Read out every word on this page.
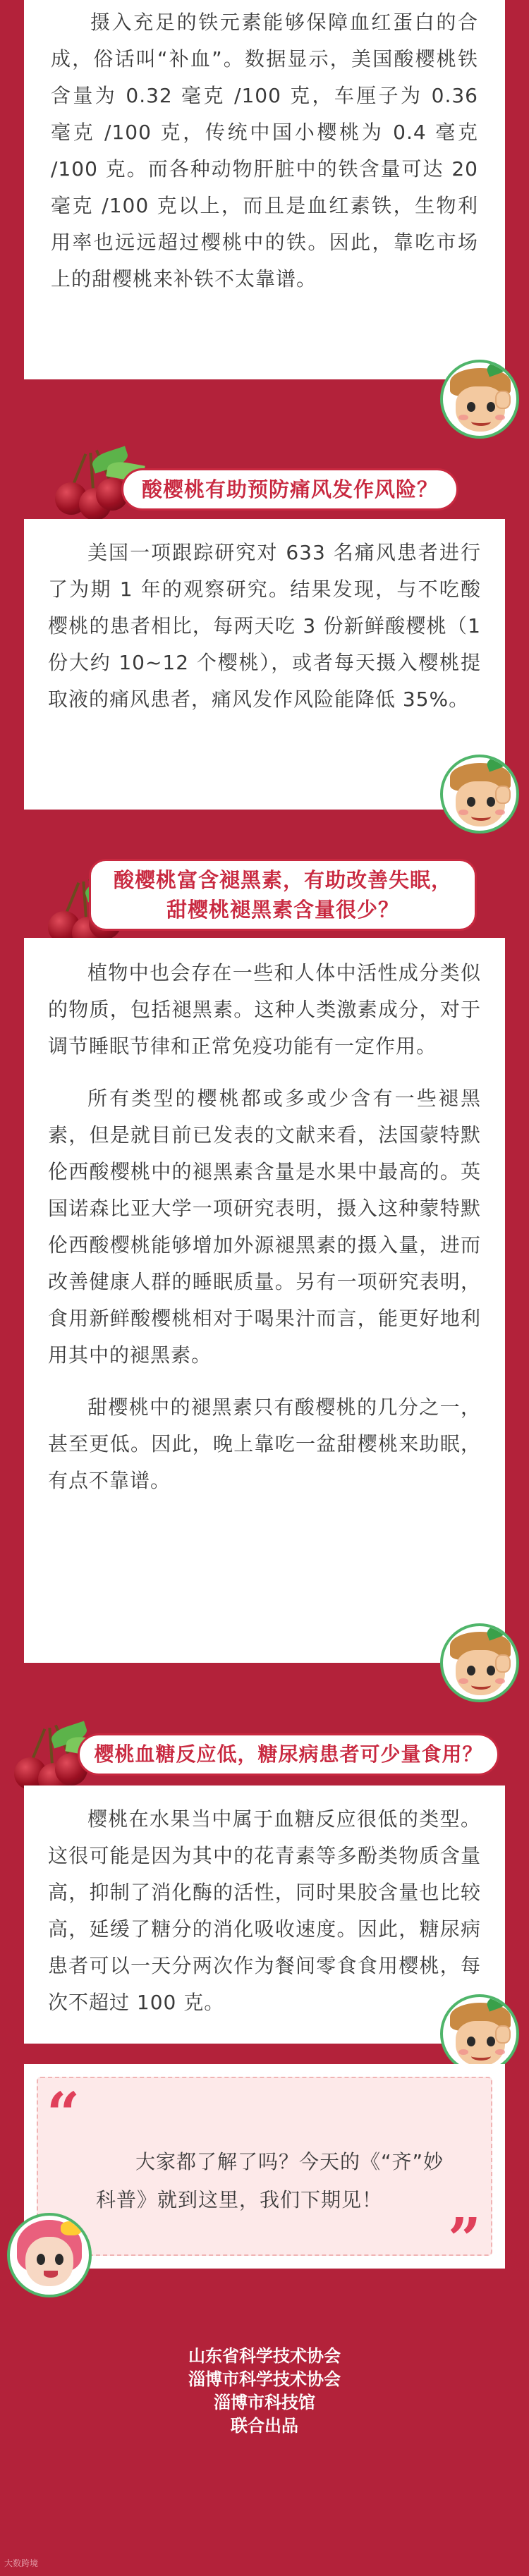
摄入充足的铁元素能够保障血红蛋白的合成，俗话叫“补血”。数据显示，美国酸樱桃铁含量为 0.32 毫克 /100 克，车厘子为 0.36 毫克 /100 克，传统中国小樱桃为 0.4 毫克 /100 克。而各种动物肝脏中的铁含量可达 20 毫克 /100 克以上，而且是血红素铁，生物利用率也远远超过樱桃中的铁。因此，靠吃市场上的甜樱桃来补铁不太靠谱。

酸樱桃有助预防痛风发作风险？

美国一项跟踪研究对 633 名痛风患者进行了为期 1 年的观察研究。结果发现，与不吃酸樱桃的患者相比，每两天吃 3 份新鲜酸樱桃（1 份大约 10~12 个樱桃），或者每天摄入樱桃提取液的痛风患者，痛风发作风险能降低 35%。

酸樱桃富含褪黑素，有助改善失眠，
甜樱桃褪黑素含量很少？

植物中也会存在一些和人体中活性成分类似的物质，包括褪黑素。这种人类激素成分，对于调节睡眠节律和正常免疫功能有一定作用。

所有类型的樱桃都或多或少含有一些褪黑素，但是就目前已发表的文献来看，法国蒙特默伦西酸樱桃中的褪黑素含量是水果中最高的。英国诺森比亚大学一项研究表明，摄入这种蒙特默伦西酸樱桃能够增加外源褪黑素的摄入量，进而改善健康人群的睡眠质量。另有一项研究表明，食用新鲜酸樱桃相对于喝果汁而言，能更好地利用其中的褪黑素。

甜樱桃中的褪黑素只有酸樱桃的几分之一，甚至更低。因此，晚上靠吃一盆甜樱桃来助眠，有点不靠谱。

樱桃血糖反应低，糖尿病患者可少量食用？

樱桃在水果当中属于血糖反应很低的类型。这很可能是因为其中的花青素等多酚类物质含量高，抑制了消化酶的活性，同时果胶含量也比较高，延缓了糖分的消化吸收速度。因此，糖尿病患者可以一天分两次作为餐间零食食用樱桃，每次不超过 100 克。

“

大家都了解了吗？今天的《“齐”妙科普》就到这里，我们下期见！

”
山东省科学技术协会
淄博市科学技术协会
淄博市科技馆
联合出品
大数跨境
